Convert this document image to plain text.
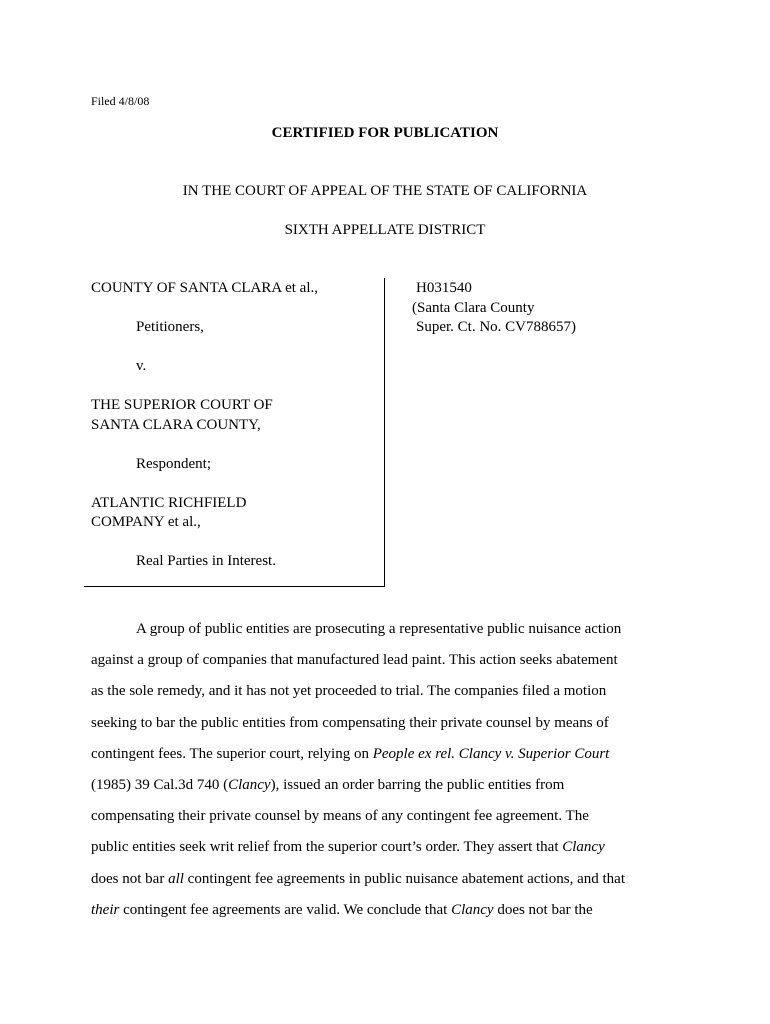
Filed 4/8/08
CERTIFIED FOR PUBLICATION
IN THE COURT OF APPEAL OF THE STATE OF CALIFORNIA
SIXTH APPELLATE DISTRICT
COUNTY OF SANTA CLARA et al.,
Petitioners,
v.
THE SUPERIOR COURT OF
SANTA CLARA COUNTY,
Respondent;
ATLANTIC RICHFIELD
COMPANY et al.,
Real Parties in Interest.
H031540
(Santa Clara County
Super. Ct. No. CV788657)
A group of public entities are prosecuting a representative public nuisance action
against a group of companies that manufactured lead paint. This action seeks abatement
as the sole remedy, and it has not yet proceeded to trial. The companies filed a motion
seeking to bar the public entities from compensating their private counsel by means of
contingent fees. The superior court, relying on People ex rel. Clancy v. Superior Court
(1985) 39 Cal.3d 740 (Clancy), issued an order barring the public entities from
compensating their private counsel by means of any contingent fee agreement. The
public entities seek writ relief from the superior court’s order. They assert that Clancy
does not bar all contingent fee agreements in public nuisance abatement actions, and that
their contingent fee agreements are valid. We conclude that Clancy does not bar the
